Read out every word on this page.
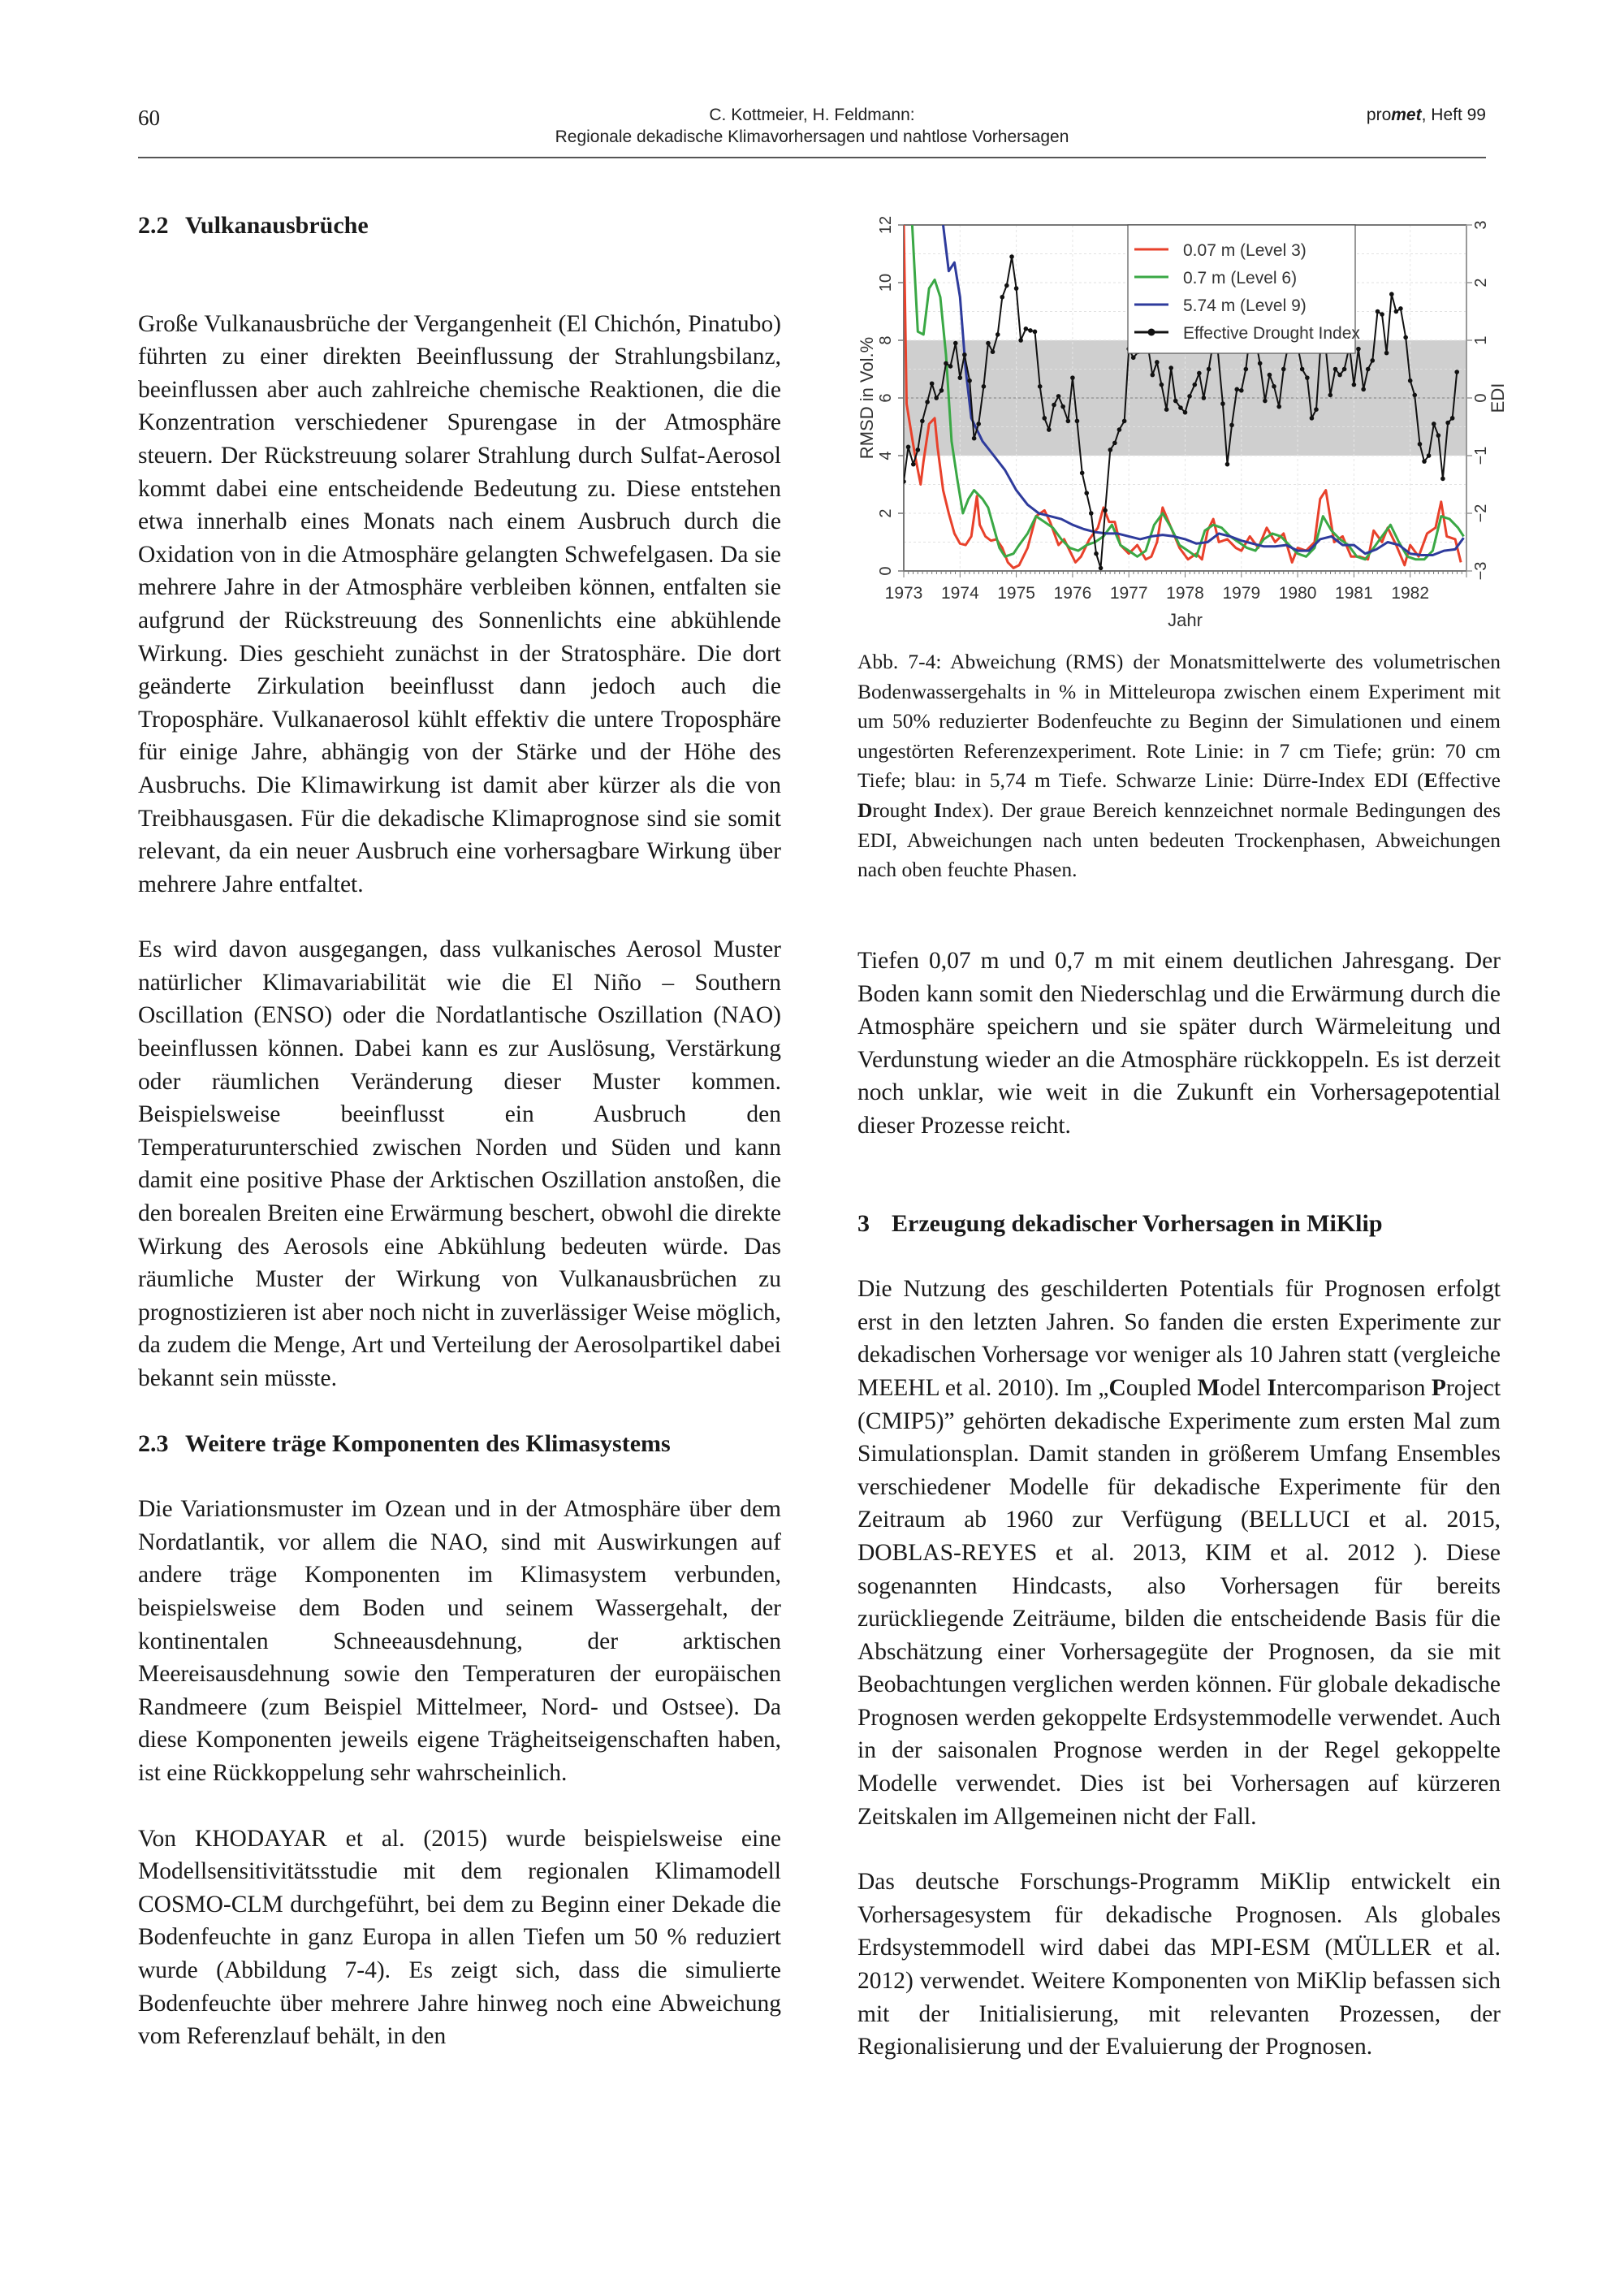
60	C. Kottmeier, H. Feldmann:
Regionale dekadische Klimavorhersagen und nahtlose Vorhersagen
promet, Heft 99

2.2 Vulkanausbrüche

Große Vulkanausbrüche der Vergangenheit (El Chichón, Pinatubo) führten zu einer direkten Beeinflussung der Strahlungsbilanz, beeinflussen aber auch zahlreiche chemische Reaktionen, die die Konzentration verschiedener Spurengase in der Atmosphäre steuern. Der Rückstreuung solarer Strahlung durch Sulfat-Aerosol kommt dabei eine entscheidende Bedeutung zu. Diese entstehen etwa innerhalb eines Monats nach einem Ausbruch durch die Oxidation von in die Atmosphäre gelangten Schwefelgasen. Da sie mehrere Jahre in der Atmosphäre verbleiben können, entfalten sie aufgrund der Rückstreuung des Sonnenlichts eine abkühlende Wirkung. Dies geschieht zunächst in der Stratosphäre. Die dort geänderte Zirkulation beeinflusst dann jedoch auch die Troposphäre. Vulkanaerosol kühlt effektiv die untere Troposphäre für einige Jahre, abhängig von der Stärke und der Höhe des Ausbruchs. Die Klimawirkung ist damit aber kürzer als die von Treibhausgasen. Für die dekadische Klimaprognose sind sie somit relevant, da ein neuer Ausbruch eine vorhersagbare Wirkung über mehrere Jahre entfaltet.

Es wird davon ausgegangen, dass vulkanisches Aerosol Muster natürlicher Klimavariabilität wie die El Niño – Southern Oscillation (ENSO) oder die Nordatlantische Oszillation (NAO) beeinflussen können. Dabei kann es zur Auslösung, Verstärkung oder räumlichen Veränderung dieser Muster kommen. Beispielsweise beeinflusst ein Ausbruch den Temperaturunterschied zwischen Norden und Süden und kann damit eine positive Phase der Arktischen Oszillation anstoßen, die den borealen Breiten eine Erwärmung beschert, obwohl die direkte Wirkung des Aerosols eine Abkühlung bedeuten würde. Das räumliche Muster der Wirkung von Vulkanausbrüchen zu prognostizieren ist aber noch nicht in zuverlässiger Weise möglich, da zudem die Menge, Art und Verteilung der Aerosolpartikel dabei bekannt sein müsste.

2.3 Weitere träge Komponenten des Klimasystems

Die Variationsmuster im Ozean und in der Atmosphäre über dem Nordatlantik, vor allem die NAO, sind mit Auswirkungen auf andere träge Komponenten im Klimasystem verbunden, beispielsweise dem Boden und seinem Wassergehalt, der kontinentalen Schneeausdehnung, der arktischen Meereisausdehnung sowie den Temperaturen der europäischen Randmeere (zum Beispiel Mittelmeer, Nord- und Ostsee). Da diese Komponenten jeweils eigene Trägheitseigenschaften haben, ist eine Rückkoppelung sehr wahrscheinlich.

Von KHODAYAR et al. (2015) wurde beispielsweise eine Modellsensitivitätsstudie mit dem regionalen Klimamodell COSMO-CLM durchgeführt, bei dem zu Beginn einer Dekade die Bodenfeuchte in ganz Europa in allen Tiefen um 50 % reduziert wurde (Abbildung 7-4). Es zeigt sich, dass die simulierte Bodenfeuchte über mehrere Jahre hinweg noch eine Abweichung vom Referenzlauf behält, in den

1973 1974 1975 1976 1977 1978 1979 1980 1981 1982
0
2
4
6
8
10
12
−3
−2
−1
0
1
2
3
RMSD in Vol.%	EDI
Jahr
0.07 m (Level 3)
0.7 m (Level 6)
5.74 m (Level 9)
Effective Drought Index
Abb. 7-4: Abweichung (RMS) der Monatsmittelwerte des volumetrischen Bodenwassergehalts in % in Mitteleuropa zwischen einem Experiment mit um 50% reduzierter Bodenfeuchte zu Beginn der Simulationen und einem ungestörten Referenzexperiment. Rote Linie: in 7 cm Tiefe; grün: 70 cm Tiefe; blau: in 5,74 m Tiefe. Schwarze Linie: Dürre-Index EDI (Effective Drought Index). Der graue Bereich kennzeichnet normale Bedingungen des EDI, Abweichungen nach unten bedeuten Trockenphasen, Abweichungen nach oben feuchte Phasen.

Tiefen 0,07 m und 0,7 m mit einem deutlichen Jahresgang. Der Boden kann somit den Niederschlag und die Erwärmung durch die Atmosphäre speichern und sie später durch Wärmeleitung und Verdunstung wieder an die Atmosphäre rückkoppeln. Es ist derzeit noch unklar, wie weit in die Zukunft ein Vorhersagepotential dieser Prozesse reicht.

3 Erzeugung dekadischer Vorhersagen in MiKlip

Die Nutzung des geschilderten Potentials für Prognosen erfolgt erst in den letzten Jahren. So fanden die ersten Experimente zur dekadischen Vorhersage vor weniger als 10 Jahren statt (vergleiche MEEHL et al. 2010). Im „Coupled Model Intercomparison Project (CMIP5)” gehörten dekadische Experimente zum ersten Mal zum Simulationsplan. Damit standen in größerem Umfang Ensembles verschiedener Modelle für dekadische Experimente für den Zeitraum ab 1960 zur Verfügung (BELLUCI et al. 2015, DOBLAS-REYES et al. 2013, KIM et al. 2012 ). Diese sogenannten Hindcasts, also Vorhersagen für bereits zurückliegende Zeiträume, bilden die entscheidende Basis für die Abschätzung einer Vorhersagegüte der Prognosen, da sie mit Beobachtungen verglichen werden können. Für globale dekadische Prognosen werden gekoppelte Erdsystemmodelle verwendet. Auch in der saisonalen Prognose werden in der Regel gekoppelte Modelle verwendet. Dies ist bei Vorhersagen auf kürzeren Zeitskalen im Allgemeinen nicht der Fall.

Das deutsche Forschungs-Programm MiKlip entwickelt ein Vorhersagesystem für dekadische Prognosen. Als globales Erdsystemmodell wird dabei das MPI-ESM (MÜLLER et al. 2012) verwendet. Weitere Komponenten von MiKlip befassen sich mit der Initialisierung, mit relevanten Prozessen, der Regionalisierung und der Evaluierung der Prognosen.
